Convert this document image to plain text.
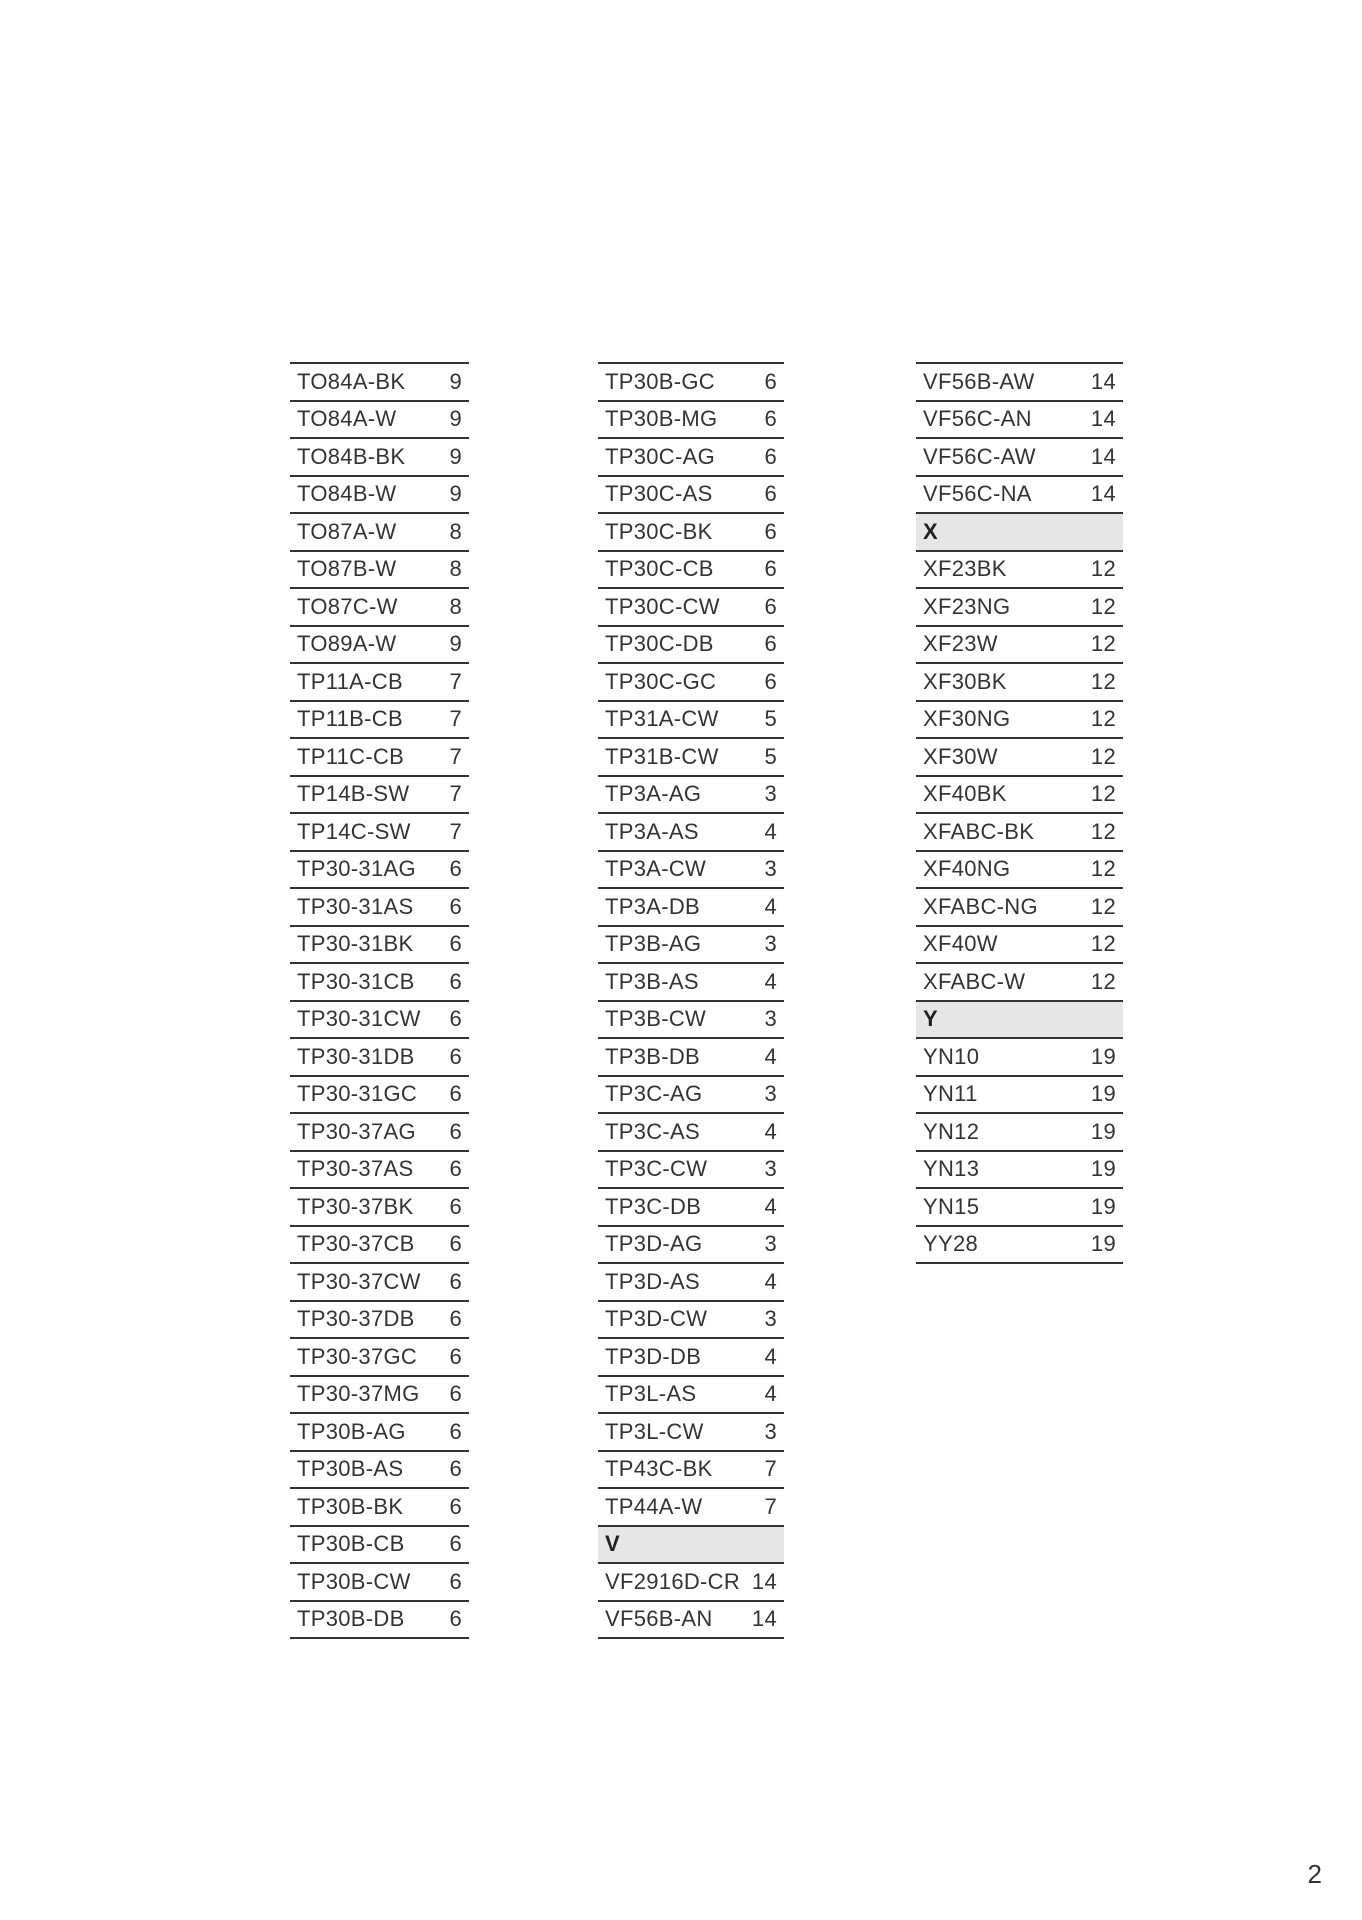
TO84A-BK 9
TO84A-W 9
TO84B-BK 9
TO84B-W 9
TO87A-W 8
TO87B-W 8
TO87C-W 8
TO89A-W 9
TP11A-CB 7
TP11B-CB 7
TP11C-CB 7
TP14B-SW 7
TP14C-SW 7
TP30-31AG 6
TP30-31AS 6
TP30-31BK 6
TP30-31CB 6
TP30-31CW 6
TP30-31DB 6
TP30-31GC 6
TP30-37AG 6
TP30-37AS 6
TP30-37BK 6
TP30-37CB 6
TP30-37CW 6
TP30-37DB 6
TP30-37GC 6
TP30-37MG 6
TP30B-AG 6
TP30B-AS 6
TP30B-BK 6
TP30B-CB 6
TP30B-CW 6
TP30B-DB 6
TP30B-GC 6
TP30B-MG 6
TP30C-AG 6
TP30C-AS 6
TP30C-BK 6
TP30C-CB 6
TP30C-CW 6
TP30C-DB 6
TP30C-GC 6
TP31A-CW 5
TP31B-CW 5
TP3A-AG	3
TP3A-AS	4
TP3A-CW	3
TP3A-DB	4
TP3B-AG	3
TP3B-AS	4
TP3B-CW	3
TP3B-DB	4
TP3C-AG	3
TP3C-AS	4
TP3C-CW	3
TP3C-DB	4
TP3D-AG	3
TP3D-AS	4
TP3D-CW	3
TP3D-DB	4
TP3L-AS	4
TP3L-CW	3
TP43C-BK 7
TP44A-W	7
V
VF2916D-CR 14
VF56B-AN 14
VF56B-AW	14
VF56C-AN	14
VF56C-AW	14
VF56C-NA	14
X
XF23BK	12
XF23NG	12
XF23W	12
XF30BK	12
XF30NG	12
XF30W	12
XF40BK	12
XFABC-BK	12
XF40NG	12
XFABC-NG 12
XF40W	12
XFABC-W	12
Y
YN10	19
YN11	19
YN12	19
YN13	19
YN15	19
YY28	19
2
